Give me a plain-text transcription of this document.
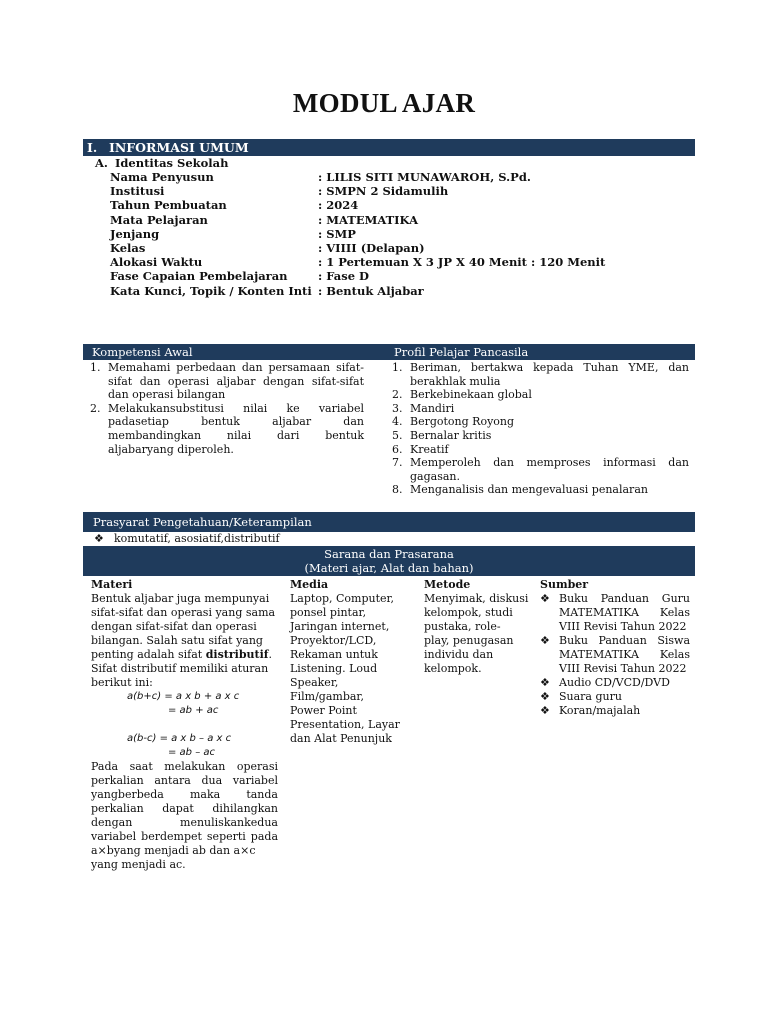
MODUL AJAR
I. INFORMASI UMUM
A. Identitas Sekolah
Nama Penyusun	: LILIS SITI MUNAWAROH, S.Pd.
Institusi	: SMPN 2 Sidamulih
Tahun Pembuatan	: 2024
Mata Pelajaran	: MATEMATIKA
Jenjang	: SMP
Kelas	: VIIII (Delapan)
Alokasi Waktu	: 1 Pertemuan X 3 JP X 40 Menit : 120 Menit
Fase Capaian Pembelajaran	: Fase D
Kata Kunci, Topik / Konten Inti : Bentuk Aljabar
Kompetensi Awal	Profil Pelajar Pancasila
1. Memahami perbedaan dan persamaan sifat-sifat dan operasi aljabar dengan sifat-sifat dan operasi bilangan
2. Melakukansubstitusi nilai ke variabel padasetiap bentuk aljabar dan membandingkan nilai dari bentuk aljabaryang diperoleh.
1. Beriman, bertakwa kepada Tuhan YME, dan berakhlak mulia
2. Berkebinekaan global
3. Mandiri
4. Bergotong Royong
5. Bernalar kritis
6. Kreatif
7. Memperoleh dan memproses informasi dan gagasan.
8. Menganalisis dan mengevaluasi penalaran
Prasyarat Pengetahuan/Keterampilan
❖ komutatif, asosiatif,distributif
Sarana dan Prasarana
(Materi ajar, Alat dan bahan)
Materi
Bentuk aljabar juga mempunyai sifat-sifat dan operasi yang sama dengan sifat-sifat dan operasi bilangan. Salah satu sifat yang penting adalah sifat distributif.
Sifat distributif memiliki aturan berikut ini:
a(b+c) = a x b + a x c
= ab + ac
a(b-c) = a x b – a x c
= ab – ac
Pada saat melakukan operasi perkalian antara dua variabel yangberbeda maka tanda perkalian dapat dihilangkan dengan menuliskankedua variabel berdempet seperti pada a×byang menjadi ab dan a×c
yang menjadi ac.
Media
Laptop, Computer, ponsel pintar, Jaringan internet, Proyektor/LCD, Rekaman untuk Listening. Loud Speaker, Film/gambar, Power Point Presentation, Layar dan Alat Penunjuk
Metode
Menyimak, diskusi kelompok, studi pustaka, role- play, penugasan individu dan kelompok.
Sumber
❖ Buku Panduan Guru MATEMATIKA Kelas VIII Revisi Tahun 2022
❖ Buku Panduan Siswa MATEMATIKA Kelas VIII Revisi Tahun 2022
❖ Audio CD/VCD/DVD
❖ Suara guru
❖ Koran/majalah
